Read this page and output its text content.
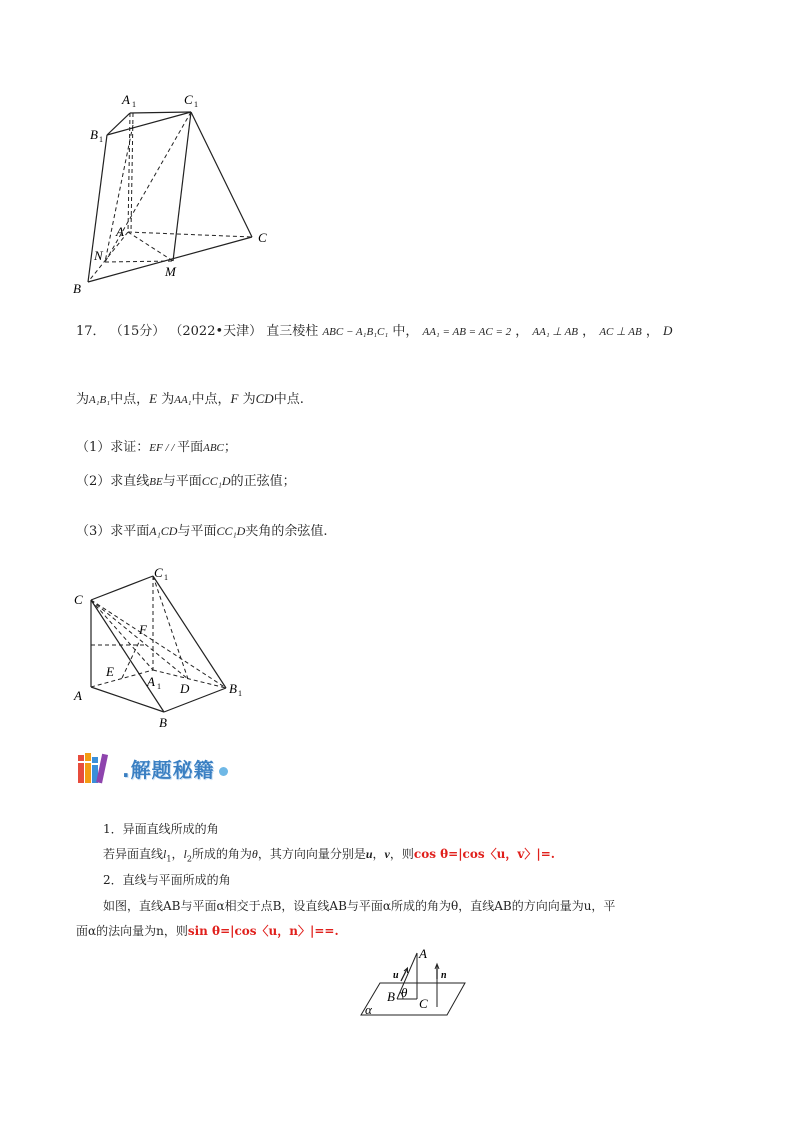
A 1	C 1
B 1
A	C
N
M
B
17． （15分） （2022•天津） 直三棱柱 ABC − A₁B₁C₁ 中， AA₁ = AB = AC = 2 ， AA₁ ⊥ AB ， AC ⊥ AB ， D
为A₁B₁中点，E 为AA₁中点，F 为CD中点.
（1）求证：EF / / 平面ABC；
（2）求直线BE与平面CC₁D的正弦值；
（3）求平面A₁CD与平面CC₁D夹角的余弦值.
C
C 1
F
E
A 1 D	B 1
A
B
.解题秘籍
1．异面直线所成的角
若异面直线$l_1$，$l_2$所成的角为θ，其方向向量分别是u，v，则cos θ=|cos〈u，v〉|=.
2．直线与平面所成的角
如图，直线AB与平面α相交于点B，设直线AB与平面α所成的角为θ，直线AB的方向向量为u，平
面α的法向量为n，则sin θ=|cos〈u，n〉|==.
A
u	n
B θ
C
α
